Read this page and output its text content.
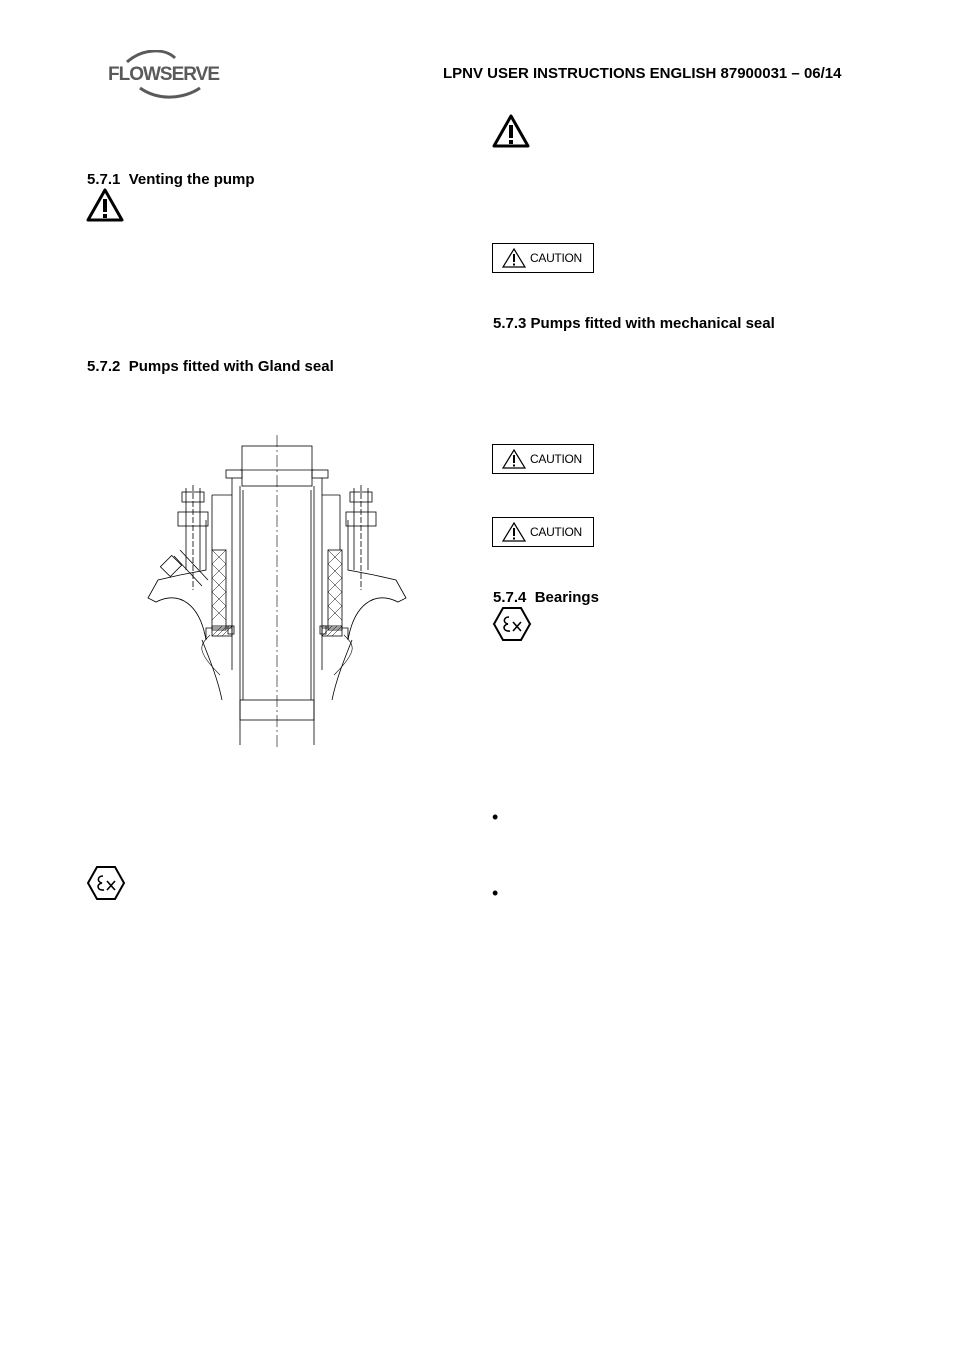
FLOWSERVE	LPNV USER INSTRUCTIONS ENGLISH 87900031 – 06/14
5.7.1 Venting the pump
5.7.2 Pumps fitted with Gland seal
CAUTION
5.7.3 Pumps fitted with mechanical seal
CAUTION
CAUTION
5.7.4 Bearings
•
•
